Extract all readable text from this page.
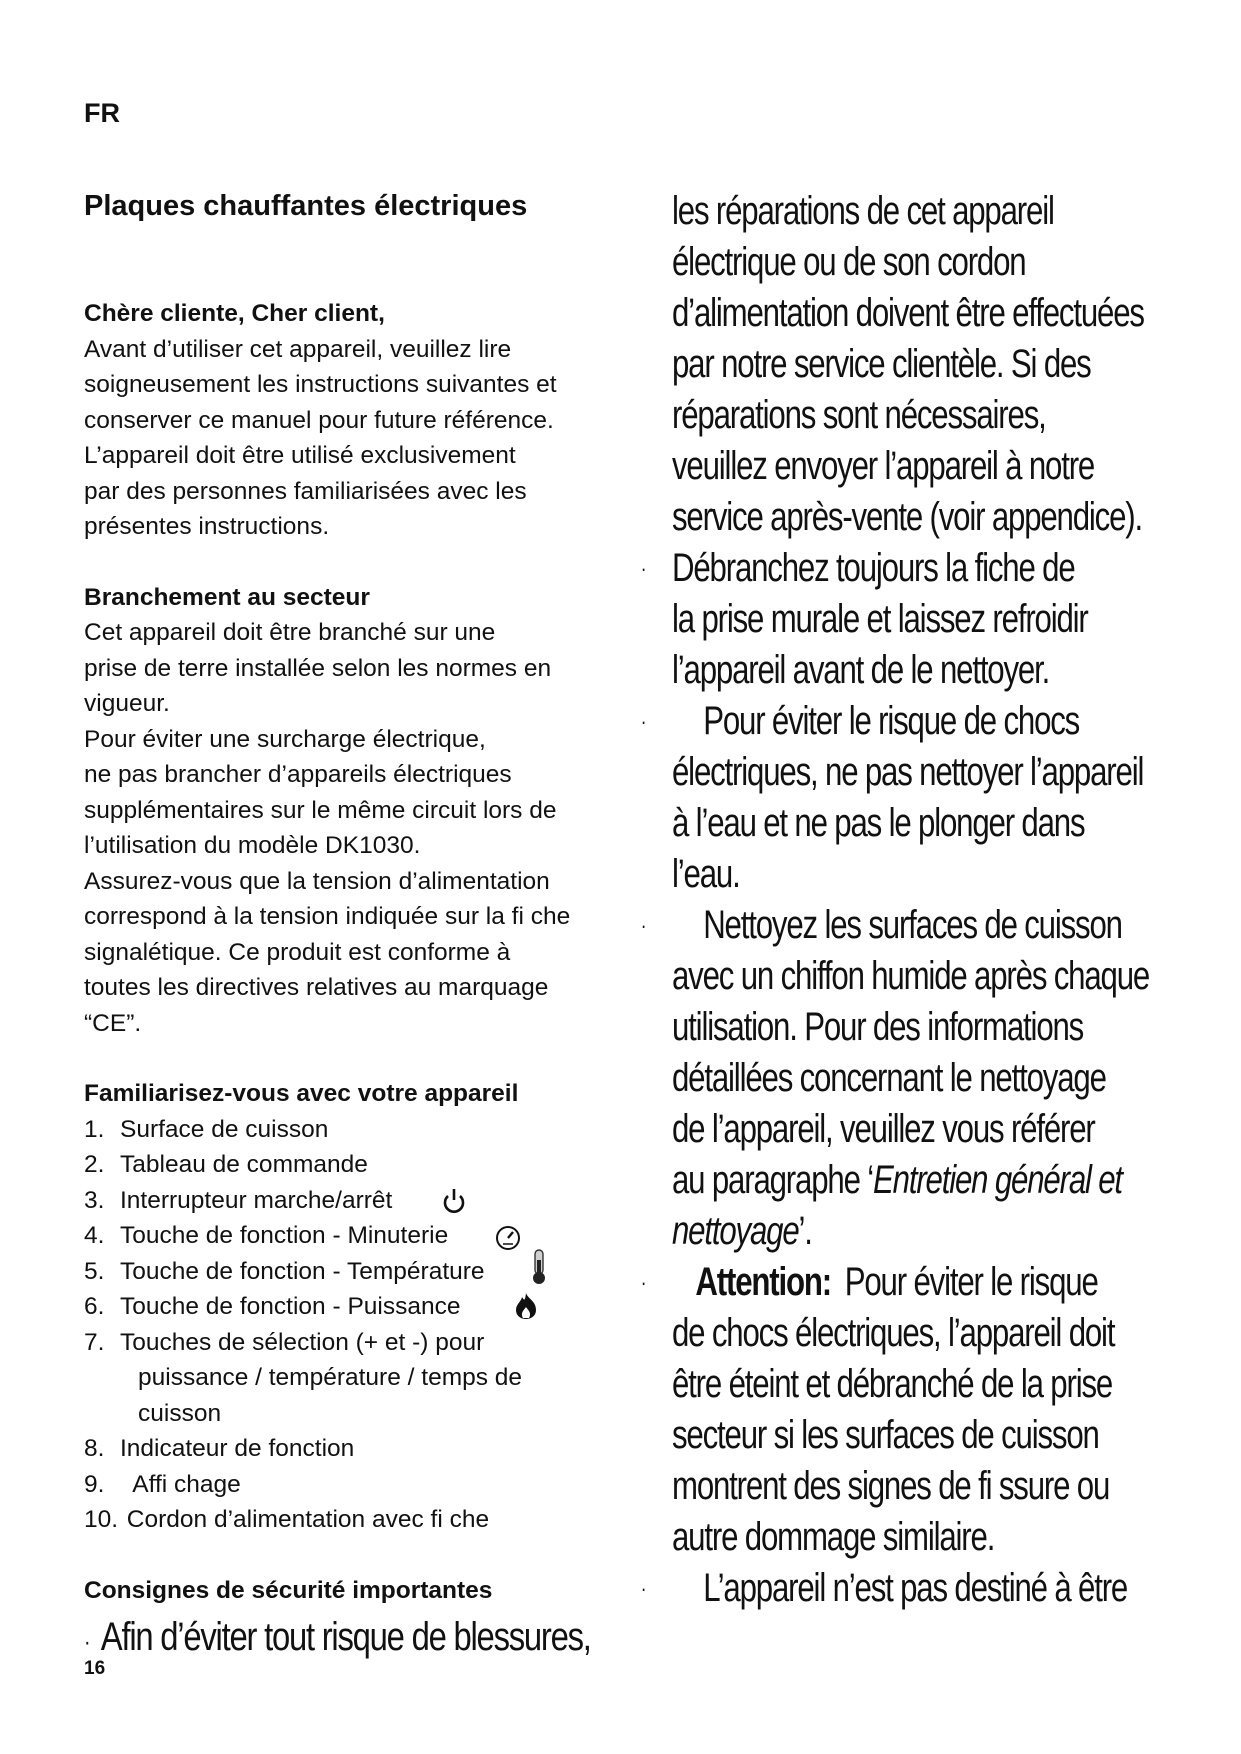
FR
Plaques chauffantes électriques

Chère cliente, Cher client,

Avant d’utiliser cet appareil, veuillez lire

soigneusement les instructions suivantes et

conserver ce manuel pour future référence.

L’appareil doit être utilisé exclusivement

par des personnes familiarisées avec les

présentes instructions.

Branchement au secteur

Cet appareil doit être branché sur une

prise de terre installée selon les normes en

vigueur.

Pour éviter une surcharge électrique,

ne pas brancher d’appareils électriques

supplémentaires sur le même circuit lors de

l’utilisation du modèle DK1030.

Assurez-vous que la tension d’alimentation

correspond à la tension indiquée sur la fi che

signalétique. Ce produit est conforme à

toutes les directives relatives au marquage

“CE”.

Familiarisez-vous avec votre appareil

1. Surface de cuisson
2. Tableau de commande
3. Interrupteur marche/arrêt
4. Touche de fonction - Minuterie
5. Touche de fonction - Température
6. Touche de fonction - Puissance
7. Touches de sélection (+ et -) pour
puissance / température / temps de
cuisson
8. Indicateur de fonction
9.  Affi chage
10. Cordon d’alimentation avec fi che

Consignes de sécurité importantes

· Afin d’éviter tout risque de blessures,
16
les réparations de cet appareil
électrique ou de son cordon
d’alimentation doivent être effectuées
par notre service clientèle. Si des
réparations sont nécessaires,
veuillez envoyer l’appareil à notre
service après-vente (voir appendice).
· Débranchez toujours la fiche de
la prise murale et laissez refroidir
l’appareil avant de le nettoyer.
· Pour éviter le risque de chocs
électriques, ne pas nettoyer l’appareil
à l’eau et ne pas le plonger dans
l’eau.
· Nettoyez les surfaces de cuisson
avec un chiffon humide après chaque
utilisation. Pour des informations
détaillées concernant le nettoyage
de l’appareil, veuillez vous référer
au paragraphe ‘Entretien général et
nettoyage’.
· Attention: Pour éviter le risque
de chocs électriques, l’appareil doit
être éteint et débranché de la prise
secteur si les surfaces de cuisson
montrent des signes de fi ssure ou
autre dommage similaire.
· L’appareil n’est pas destiné à être
